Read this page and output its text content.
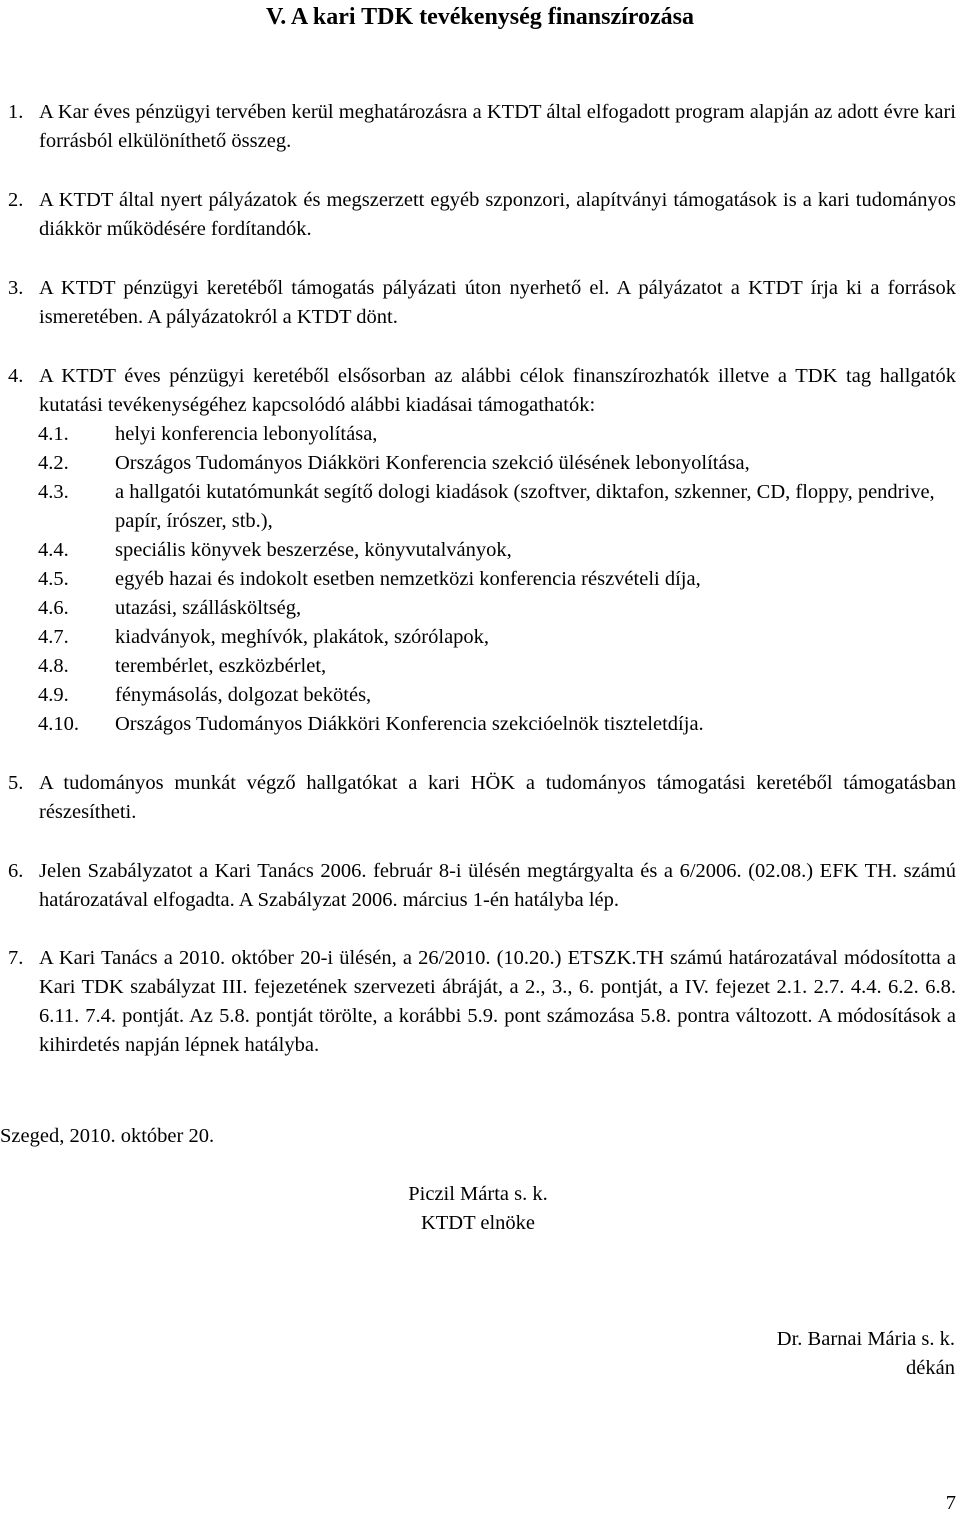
V. A kari TDK tevékenység finanszírozása
1. A Kar éves pénzügyi tervében kerül meghatározásra a KTDT által elfogadott program alapján az adott évre kari forrásból elkülöníthető összeg.
2. A KTDT által nyert pályázatok és megszerzett egyéb szponzori, alapítványi támogatások is a kari tudományos diákkör működésére fordítandók.
3. A KTDT pénzügyi keretéből támogatás pályázati úton nyerhető el. A pályázatot a KTDT írja ki a források ismeretében. A pályázatokról a KTDT dönt.
4. A KTDT éves pénzügyi keretéből elsősorban az alábbi célok finanszírozhatók illetve a TDK tag hallgatók kutatási tevékenységéhez kapcsolódó alábbi kiadásai támogathatók:
4.1. helyi konferencia lebonyolítása,
4.2. Országos Tudományos Diákköri Konferencia szekció ülésének lebonyolítása,
4.3. a hallgatói kutatómunkát segítő dologi kiadások (szoftver, diktafon, szkenner, CD, floppy, pendrive, papír, írószer, stb.),
4.4. speciális könyvek beszerzése, könyvutalványok,
4.5. egyéb hazai és indokolt esetben nemzetközi konferencia részvételi díja,
4.6. utazási, szállásköltség,
4.7. kiadványok, meghívók, plakátok, szórólapok,
4.8. terembérlet, eszközbérlet,
4.9. fénymásolás, dolgozat bekötés,
4.10. Országos Tudományos Diákköri Konferencia szekcióelnök tiszteletdíja.
5. A tudományos munkát végző hallgatókat a kari HÖK a tudományos támogatási keretéből támogatásban részesítheti.
6. Jelen Szabályzatot a Kari Tanács 2006. február 8-i ülésén megtárgyalta és a 6/2006. (02.08.) EFK TH. számú határozatával elfogadta. A Szabályzat 2006. március 1-én hatályba lép.
7. A Kari Tanács a 2010. október 20-i ülésén, a 26/2010. (10.20.) ETSZK.TH számú határozatával módosította a Kari TDK szabályzat III. fejezetének szervezeti ábráját, a 2., 3., 6. pontját, a IV. fejezet 2.1. 2.7. 4.4. 6.2. 6.8. 6.11. 7.4. pontját. Az 5.8. pontját törölte, a korábbi 5.9. pont számozása 5.8. pontra változott. A módosítások a kihirdetés napján lépnek hatályba.
Szeged, 2010. október 20.
Piczil Márta s. k.
KTDT elnöke
Dr. Barnai Mária s. k.
dékán
7
